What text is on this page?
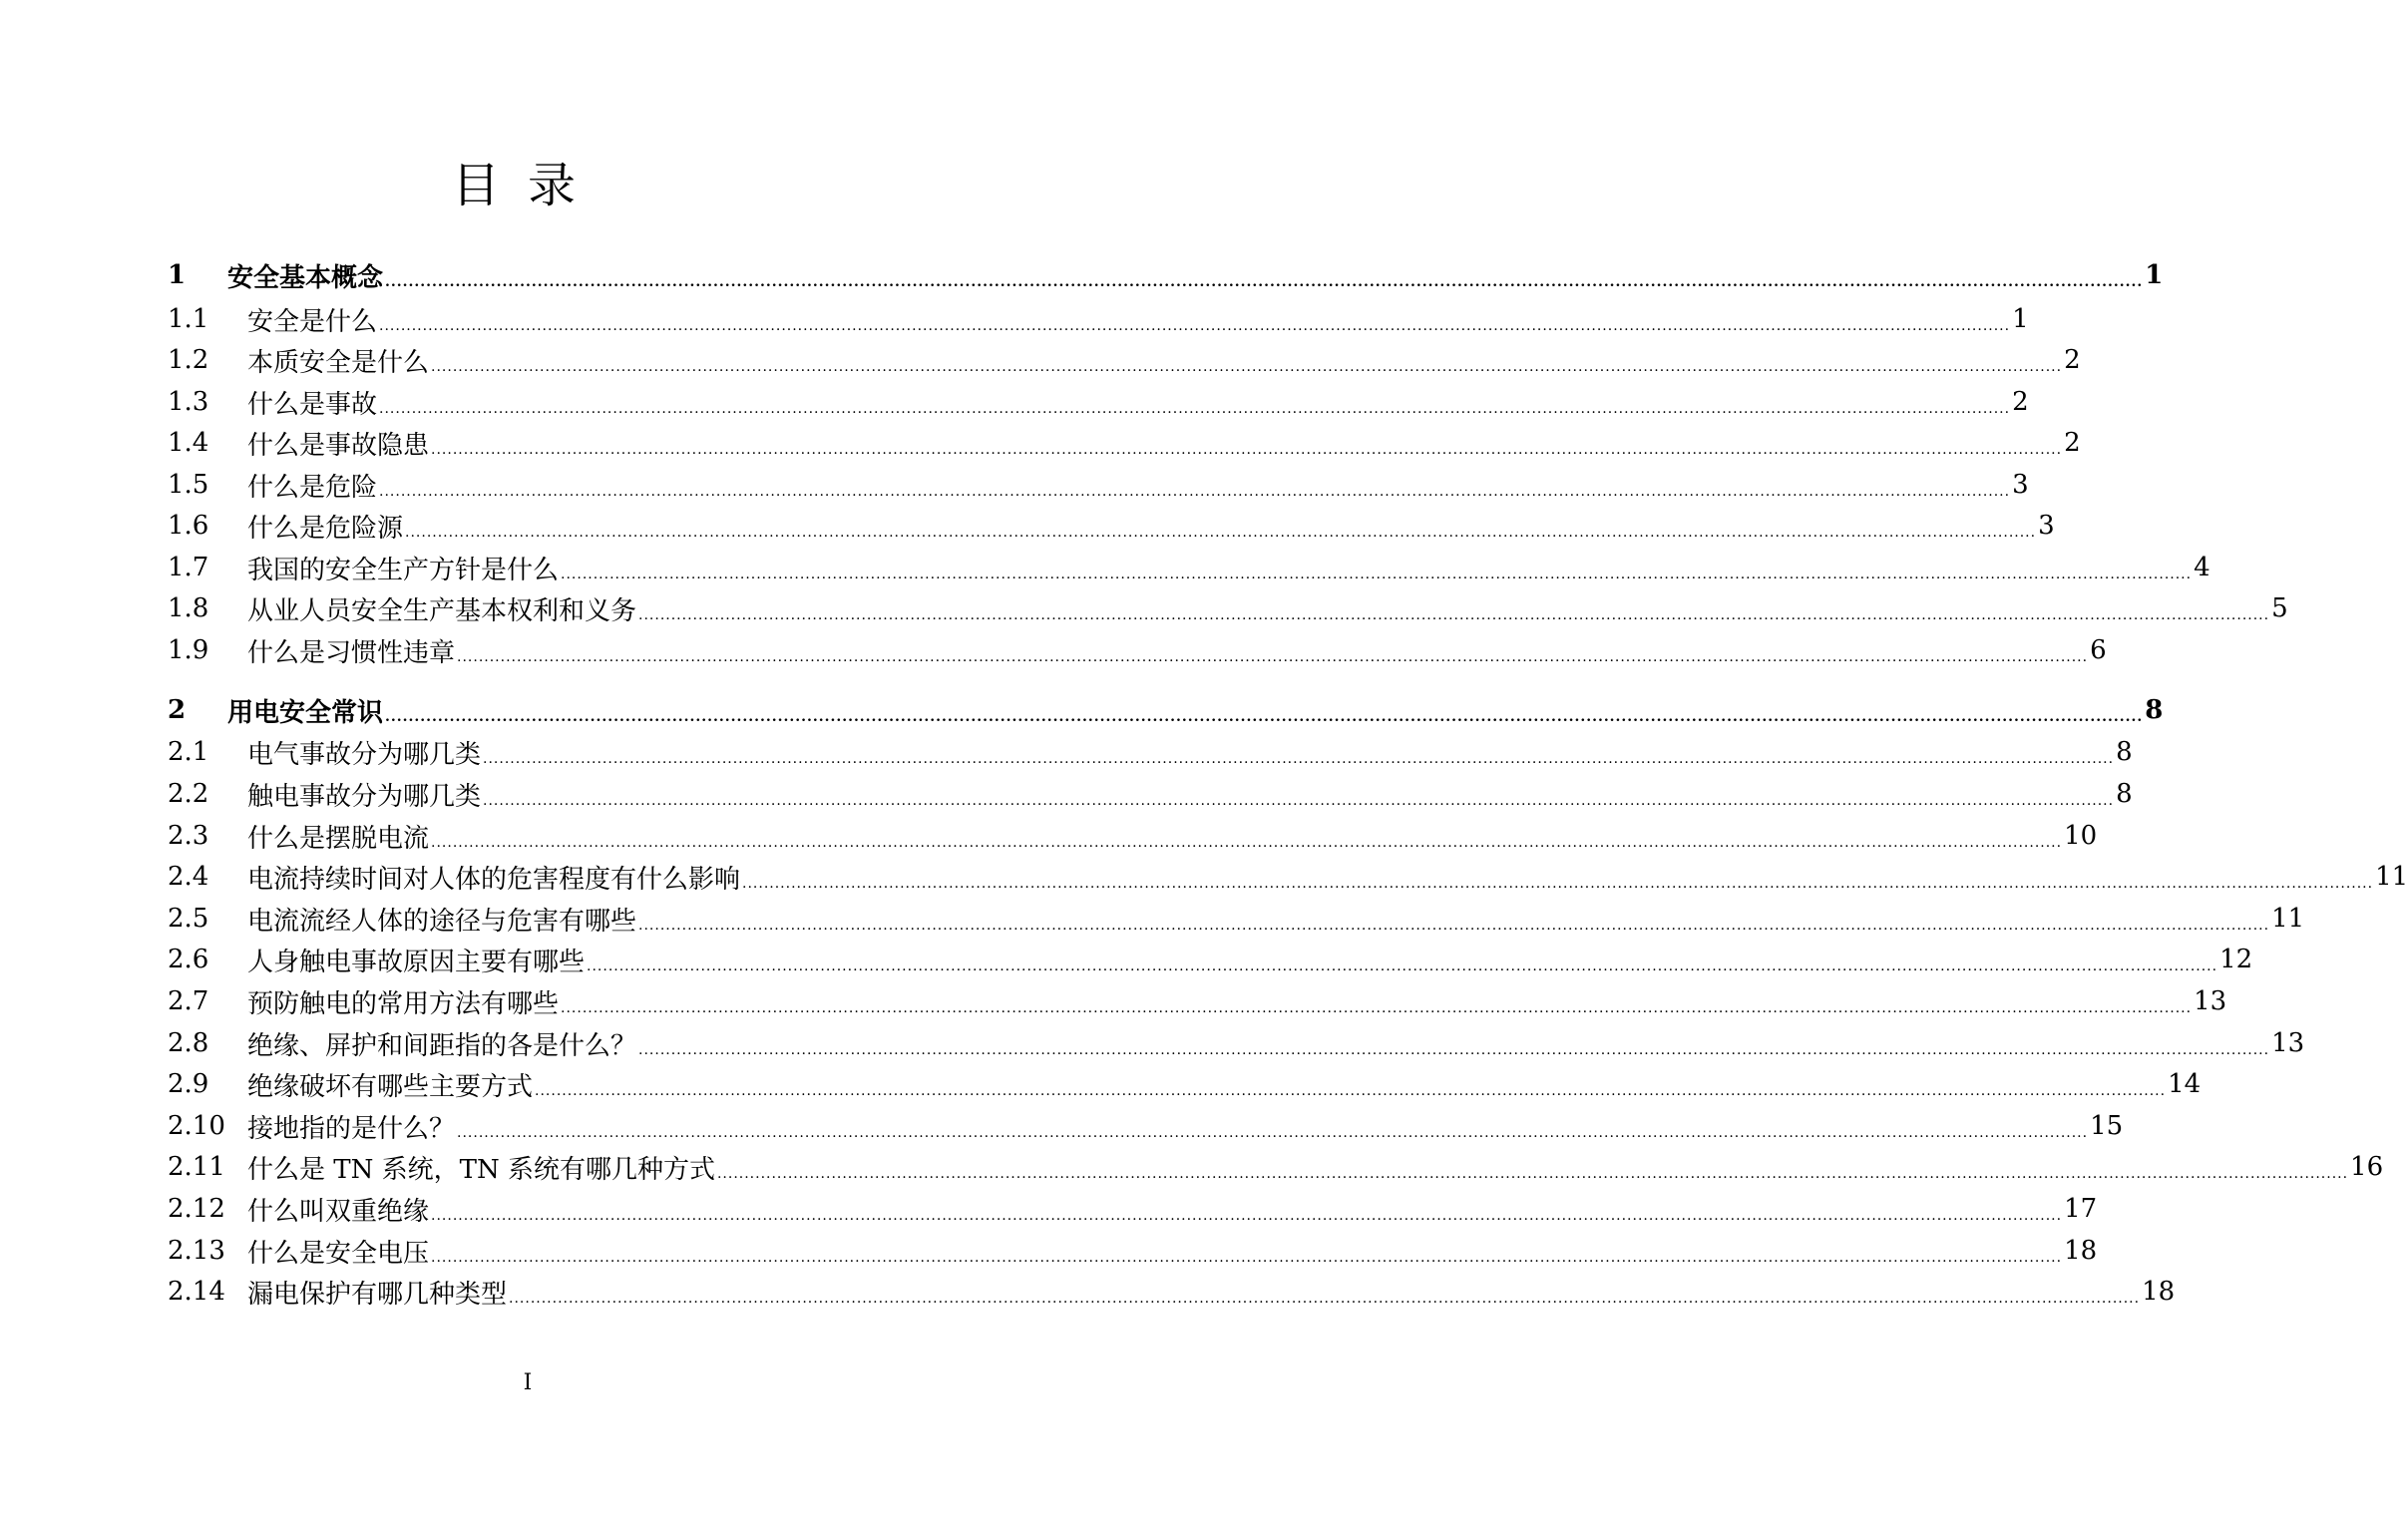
目录
1	安全基本概念 ............................................................................................................................................................................................................................................................................................................ 1
1.1	安全是什么 ............................................................................................................................................................................................................................................................................................................ 1
1.2	本质安全是什么 ............................................................................................................................................................................................................................................................................................................ 2
1.3	什么是事故 ............................................................................................................................................................................................................................................................................................................ 2
1.4	什么是事故隐患 ............................................................................................................................................................................................................................................................................................................ 2
1.5	什么是危险 ............................................................................................................................................................................................................................................................................................................ 3
1.6	什么是危险源 ............................................................................................................................................................................................................................................................................................................ 3
1.7	我国的安全生产方针是什么 ............................................................................................................................................................................................................................................................................................................ 4
1.8	从业人员安全生产基本权利和义务 ............................................................................................................................................................................................................................................................................................................ 5
1.9	什么是习惯性违章 ............................................................................................................................................................................................................................................................................................................ 6
2	用电安全常识 ............................................................................................................................................................................................................................................................................................................ 8
2.1	电气事故分为哪几类 ............................................................................................................................................................................................................................................................................................................ 8
2.2	触电事故分为哪几类 ............................................................................................................................................................................................................................................................................................................ 8
2.3	什么是摆脱电流 ............................................................................................................................................................................................................................................................................................................ 10
2.4	电流持续时间对人体的危害程度有什么影响 ............................................................................................................................................................................................................................................................................................................ 11
2.5	电流流经人体的途径与危害有哪些 ............................................................................................................................................................................................................................................................................................................ 11
2.6	人身触电事故原因主要有哪些 ............................................................................................................................................................................................................................................................................................................ 12
2.7	预防触电的常用方法有哪些 ............................................................................................................................................................................................................................................................................................................ 13
2.8	绝缘、屏护和间距指的各是什么？ ............................................................................................................................................................................................................................................................................................................ 13
2.9	绝缘破坏有哪些主要方式 ............................................................................................................................................................................................................................................................................................................ 14
2.10 接地指的是什么？ ............................................................................................................................................................................................................................................................................................................ 15
2.11 什么是 TN 系统，TN 系统有哪几种方式 ............................................................................................................................................................................................................................................................................................................ 16
2.12 什么叫双重绝缘 ............................................................................................................................................................................................................................................................................................................ 17
2.13 什么是安全电压 ............................................................................................................................................................................................................................................................................................................ 18
2.14 漏电保护有哪几种类型 ............................................................................................................................................................................................................................................................................................................ 18
I
